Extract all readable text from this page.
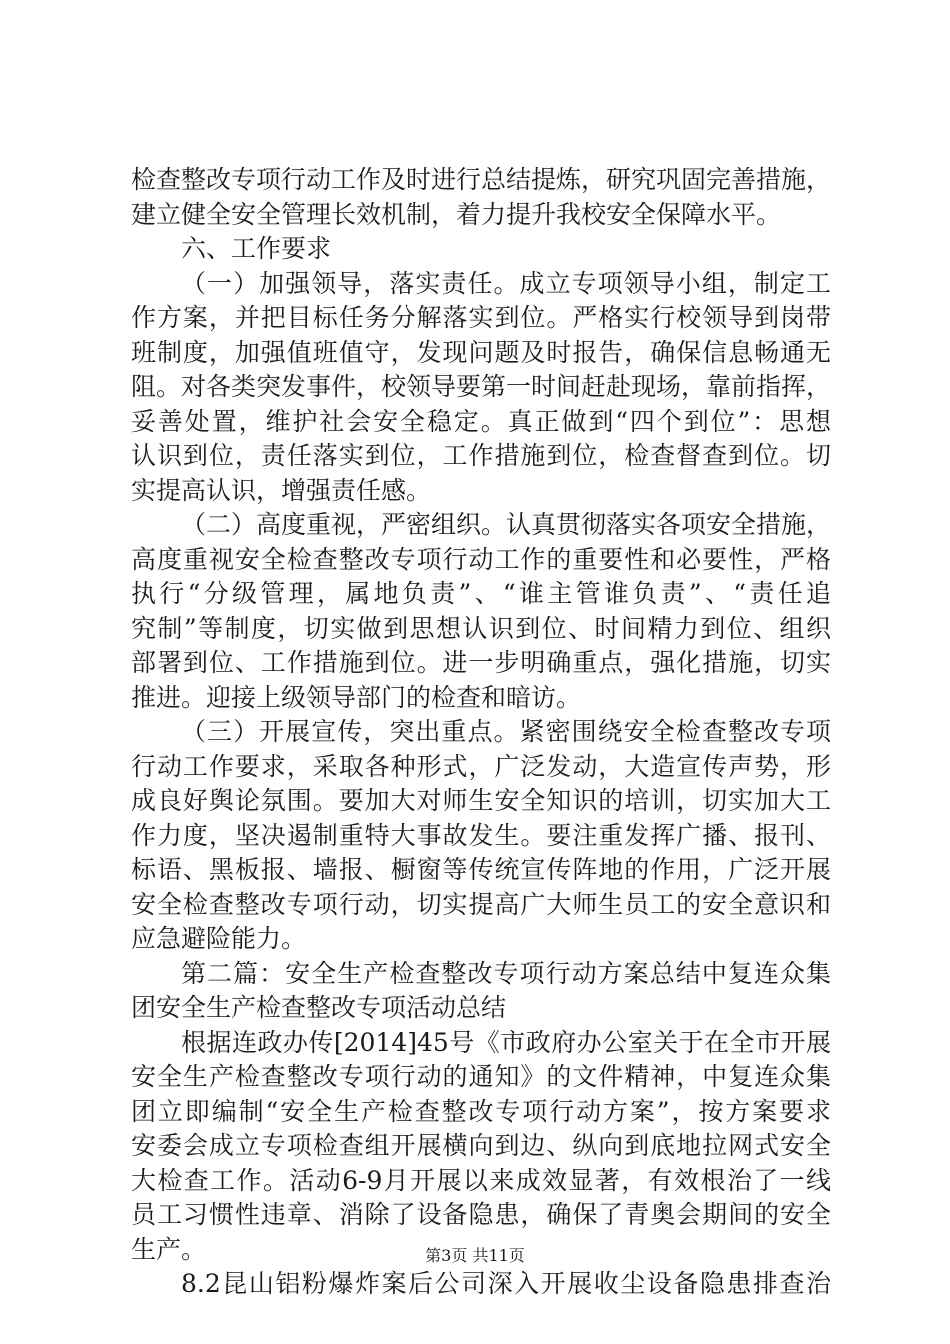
检查整改专项行动工作及时进行总结提炼，研究巩固完善措施，
建立健全安全管理长效机制，着力提升我校安全保障水平。
六、工作要求
（一）加强领导，落实责任。成立专项领导小组，制定工
作方案，并把目标任务分解落实到位。严格实行校领导到岗带
班制度，加强值班值守，发现问题及时报告，确保信息畅通无
阻。对各类突发事件，校领导要第一时间赶赴现场，靠前指挥，
妥善处置，维护社会安全稳定。真正做到“四个到位”：思想
认识到位，责任落实到位，工作措施到位，检查督查到位。切
实提高认识，增强责任感。
（二）高度重视，严密组织。认真贯彻落实各项安全措施，
高度重视安全检查整改专项行动工作的重要性和必要性，严格
执行“分级管理，属地负责”、“谁主管谁负责”、“责任追
究制”等制度，切实做到思想认识到位、时间精力到位、组织
部署到位、工作措施到位。进一步明确重点，强化措施，切实
推进。迎接上级领导部门的检查和暗访。
（三）开展宣传，突出重点。紧密围绕安全检查整改专项
行动工作要求，采取各种形式，广泛发动，大造宣传声势，形
成良好舆论氛围。要加大对师生安全知识的培训，切实加大工
作力度，坚决遏制重特大事故发生。要注重发挥广播、报刊、
标语、黑板报、墙报、橱窗等传统宣传阵地的作用，广泛开展
安全检查整改专项行动，切实提高广大师生员工的安全意识和
应急避险能力。
第二篇：安全生产检查整改专项行动方案总结中复连众集
团安全生产检查整改专项活动总结
根据连政办传[2014]45号《市政府办公室关于在全市开展
安全生产检查整改专项行动的通知》的文件精神，中复连众集
团立即编制“安全生产检查整改专项行动方案”，按方案要求
安委会成立专项检查组开展横向到边、纵向到底地拉网式安全
大检查工作。活动6-9月开展以来成效显著，有效根治了一线
员工习惯性违章、消除了设备隐患，确保了青奥会期间的安全
生产。
8.2昆山铝粉爆炸案后公司深入开展收尘设备隐患排查治
第3页 共11页
